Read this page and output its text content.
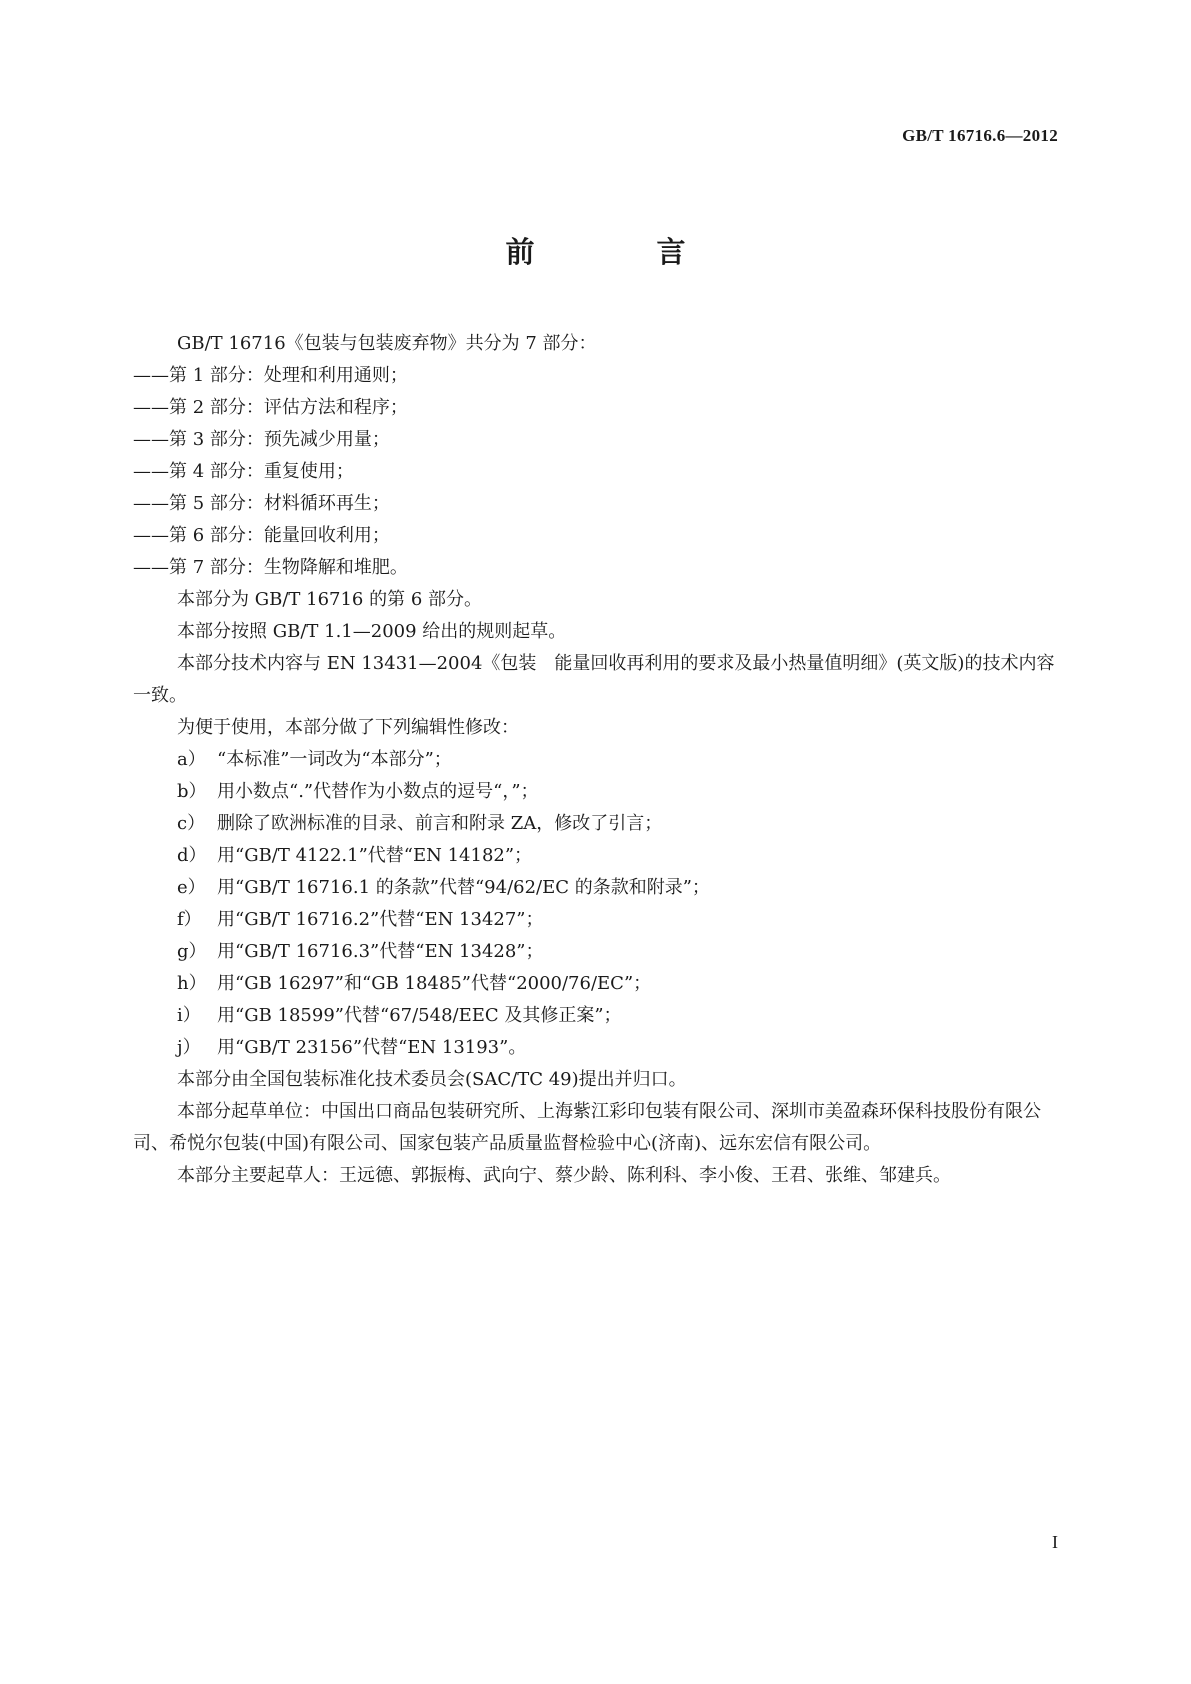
GB/T 16716.6—2012
前 言

GB/T 16716《包装与包装废弃物》共分为 7 部分：

——第 1 部分：处理和利用通则；

——第 2 部分：评估方法和程序；

——第 3 部分：预先减少用量；

——第 4 部分：重复使用；

——第 5 部分：材料循环再生；

——第 6 部分：能量回收利用；

——第 7 部分：生物降解和堆肥。

本部分为 GB/T 16716 的第 6 部分。

本部分按照 GB/T 1.1—2009 给出的规则起草。

本部分技术内容与 EN 13431—2004《包装　能量回收再利用的要求及最小热量值明细》(英文版)的技术内容一致。

为便于使用，本部分做了下列编辑性修改：

a） “本标准”一词改为“本部分”；
b） 用小数点“.”代替作为小数点的逗号“，”；
c） 删除了欧洲标准的目录、前言和附录 ZA，修改了引言；
d） 用“GB/T 4122.1”代替“EN 14182”；
e） 用“GB/T 16716.1 的条款”代替“94/62/EC 的条款和附录”；
f） 用“GB/T 16716.2”代替“EN 13427”；
g） 用“GB/T 16716.3”代替“EN 13428”；
h） 用“GB 16297”和“GB 18485”代替“2000/76/EC”；
i） 用“GB 18599”代替“67/548/EEC 及其修正案”；
j） 用“GB/T 23156”代替“EN 13193”。

本部分由全国包装标准化技术委员会(SAC/TC 49)提出并归口。

本部分起草单位：中国出口商品包装研究所、上海紫江彩印包装有限公司、深圳市美盈森环保科技股份有限公司、希悦尔包装(中国)有限公司、国家包装产品质量监督检验中心(济南)、远东宏信有限公司。

本部分主要起草人：王远德、郭振梅、武向宁、蔡少龄、陈利科、李小俊、王君、张维、邹建兵。

I
